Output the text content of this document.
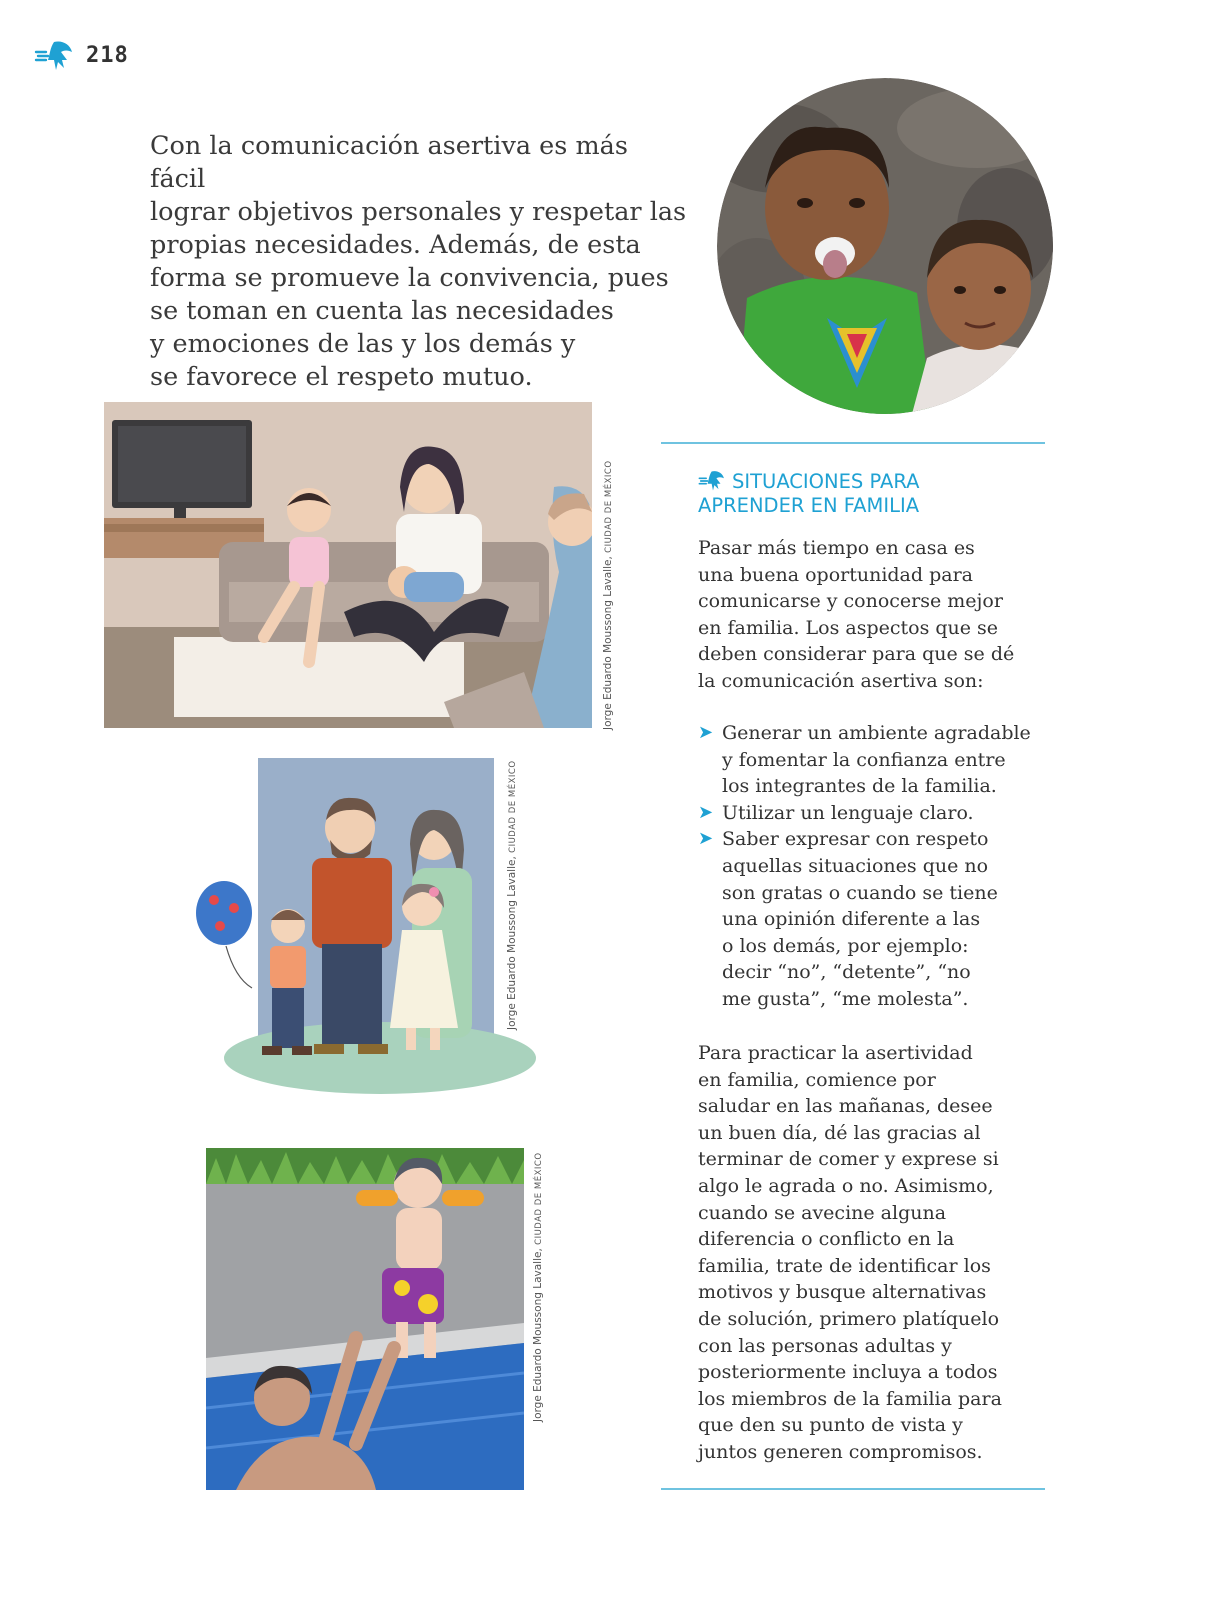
218

Con la comunicación asertiva es más fácil

lograr objetivos personales y respetar las

propias necesidades. Además, de esta

forma se promueve la convivencia, pues

se toman en cuenta las necesidades

y emociones de las y los demás y

se favorece el respeto mutuo.

Jorge Eduardo Moussong Lavalle, CIUDAD DE MÉXICO
Jorge Eduardo Moussong Lavalle, CIUDAD DE MÉXICO
Jorge Eduardo Moussong Lavalle, CIUDAD DE MÉXICO
SITUACIONES PARA
APRENDER EN FAMILIA
Pasar más tiempo en casa es
una buena oportunidad para
comunicarse y conocerse mejor
en familia. Los aspectos que se
deben considerar para que se dé
la comunicación asertiva son:
➤ Generar un ambiente agradable
y fomentar la confianza entre
los integrantes de la familia.
➤ Utilizar un lenguaje claro.
➤ Saber expresar con respeto
aquellas situaciones que no
son gratas o cuando se tiene
una opinión diferente a las
o los demás, por ejemplo:
decir “no”, “detente”, “no
me gusta”, “me molesta”.
Para practicar la asertividad
en familia, comience por
saludar en las mañanas, desee
un buen día, dé las gracias al
terminar de comer y exprese si
algo le agrada o no. Asimismo,
cuando se avecine alguna
diferencia o conflicto en la
familia, trate de identificar los
motivos y busque alternativas
de solución, primero platíquelo
con las personas adultas y
posteriormente incluya a todos
los miembros de la familia para
que den su punto de vista y
juntos generen compromisos.
